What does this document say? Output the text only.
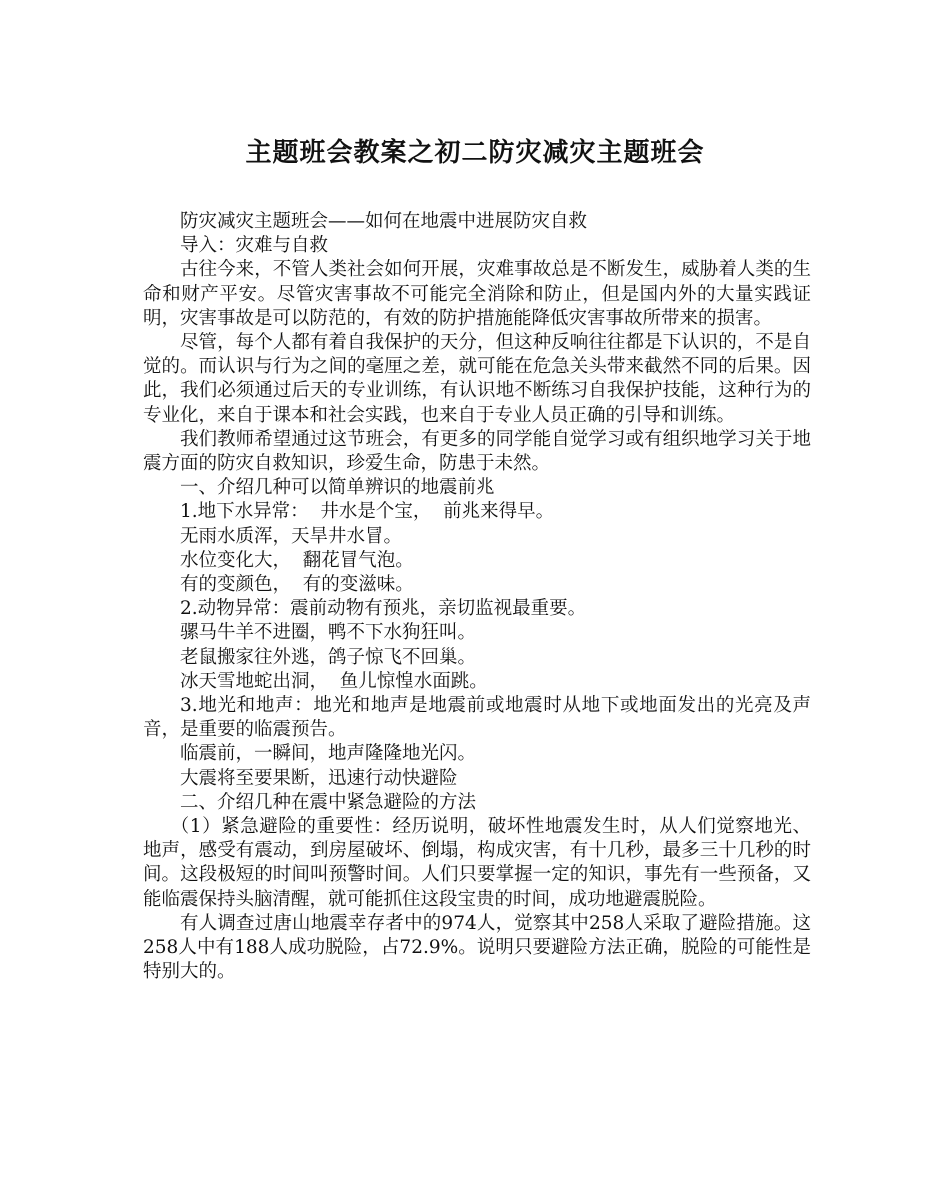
主题班会教案之初二防灾减灾主题班会

防灾减灾主题班会——如何在地震中进展防灾自救

导入：灾难与自救

古往今来，不管人类社会如何开展，灾难事故总是不断发生，威胁着人类的生命和财产平安。尽管灾害事故不可能完全消除和防止，但是国内外的大量实践证明，灾害事故是可以防范的，有效的防护措施能降低灾害事故所带来的损害。

尽管，每个人都有着自我保护的天分，但这种反响往往都是下认识的，不是自觉的。而认识与行为之间的毫厘之差，就可能在危急关头带来截然不同的后果。因此，我们必须通过后天的专业训练，有认识地不断练习自我保护技能，这种行为的专业化，来自于课本和社会实践，也来自于专业人员正确的引导和训练。

我们教师希望通过这节班会，有更多的同学能自觉学习或有组织地学习关于地震方面的防灾自救知识，珍爱生命，防患于未然。

一、介绍几种可以简单辨识的地震前兆

1.地下水异常：  井水是个宝，  前兆来得早。

无雨水质浑，天旱井水冒。

水位变化大，  翻花冒气泡。

有的变颜色，  有的变滋味。

2.动物异常：震前动物有预兆，亲切监视最重要。

骡马牛羊不进圈，鸭不下水狗狂叫。

老鼠搬家往外逃，鸽子惊飞不回巢。

冰天雪地蛇出洞，  鱼儿惊惶水面跳。

3.地光和地声：地光和地声是地震前或地震时从地下或地面发出的光亮及声音，是重要的临震预告。

临震前，一瞬间，地声隆隆地光闪。

大震将至要果断，迅速行动快避险

二、介绍几种在震中紧急避险的方法

（1）紧急避险的重要性：经历说明，破坏性地震发生时，从人们觉察地光、地声，感受有震动，到房屋破坏、倒塌，构成灾害，有十几秒，最多三十几秒的时间。这段极短的时间叫预警时间。人们只要掌握一定的知识，事先有一些预备，又能临震保持头脑清醒，就可能抓住这段宝贵的时间，成功地避震脱险。

有人调查过唐山地震幸存者中的974人，觉察其中258人采取了避险措施。这258人中有188人成功脱险，占72.9%。说明只要避险方法正确，脱险的可能性是特别大的。
